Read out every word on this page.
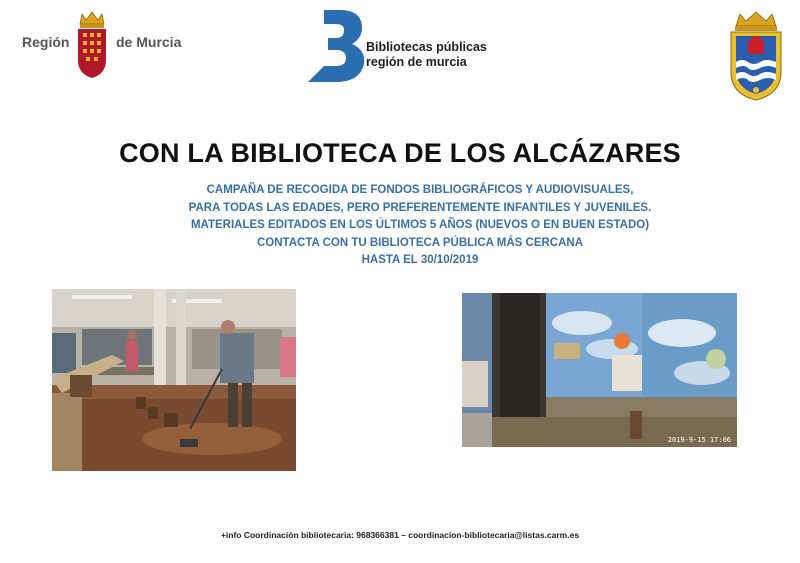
Región	de Murcia	Bibliotecas públicas
región de murcia
CON LA BIBLIOTECA DE LOS ALCÁZARES
CAMPAÑA DE RECOGIDA DE FONDOS BIBLIOGRÁFICOS Y AUDIOVISUALES,
PARA TODAS LAS EDADES, PERO PREFERENTEMENTE INFANTILES Y JUVENILES.
MATERIALES EDITADOS EN LOS ÚLTIMOS 5 AÑOS (NUEVOS O EN BUEN ESTADO)
CONTACTA CON TU BIBLIOTECA PÚBLICA MÁS CERCANA
HASTA EL 30/10/2019
2019-9-15 17:06
+info Coordinación bibliotecaria: 968366381 – coordinacion-bibliotecaria@listas.carm.es
